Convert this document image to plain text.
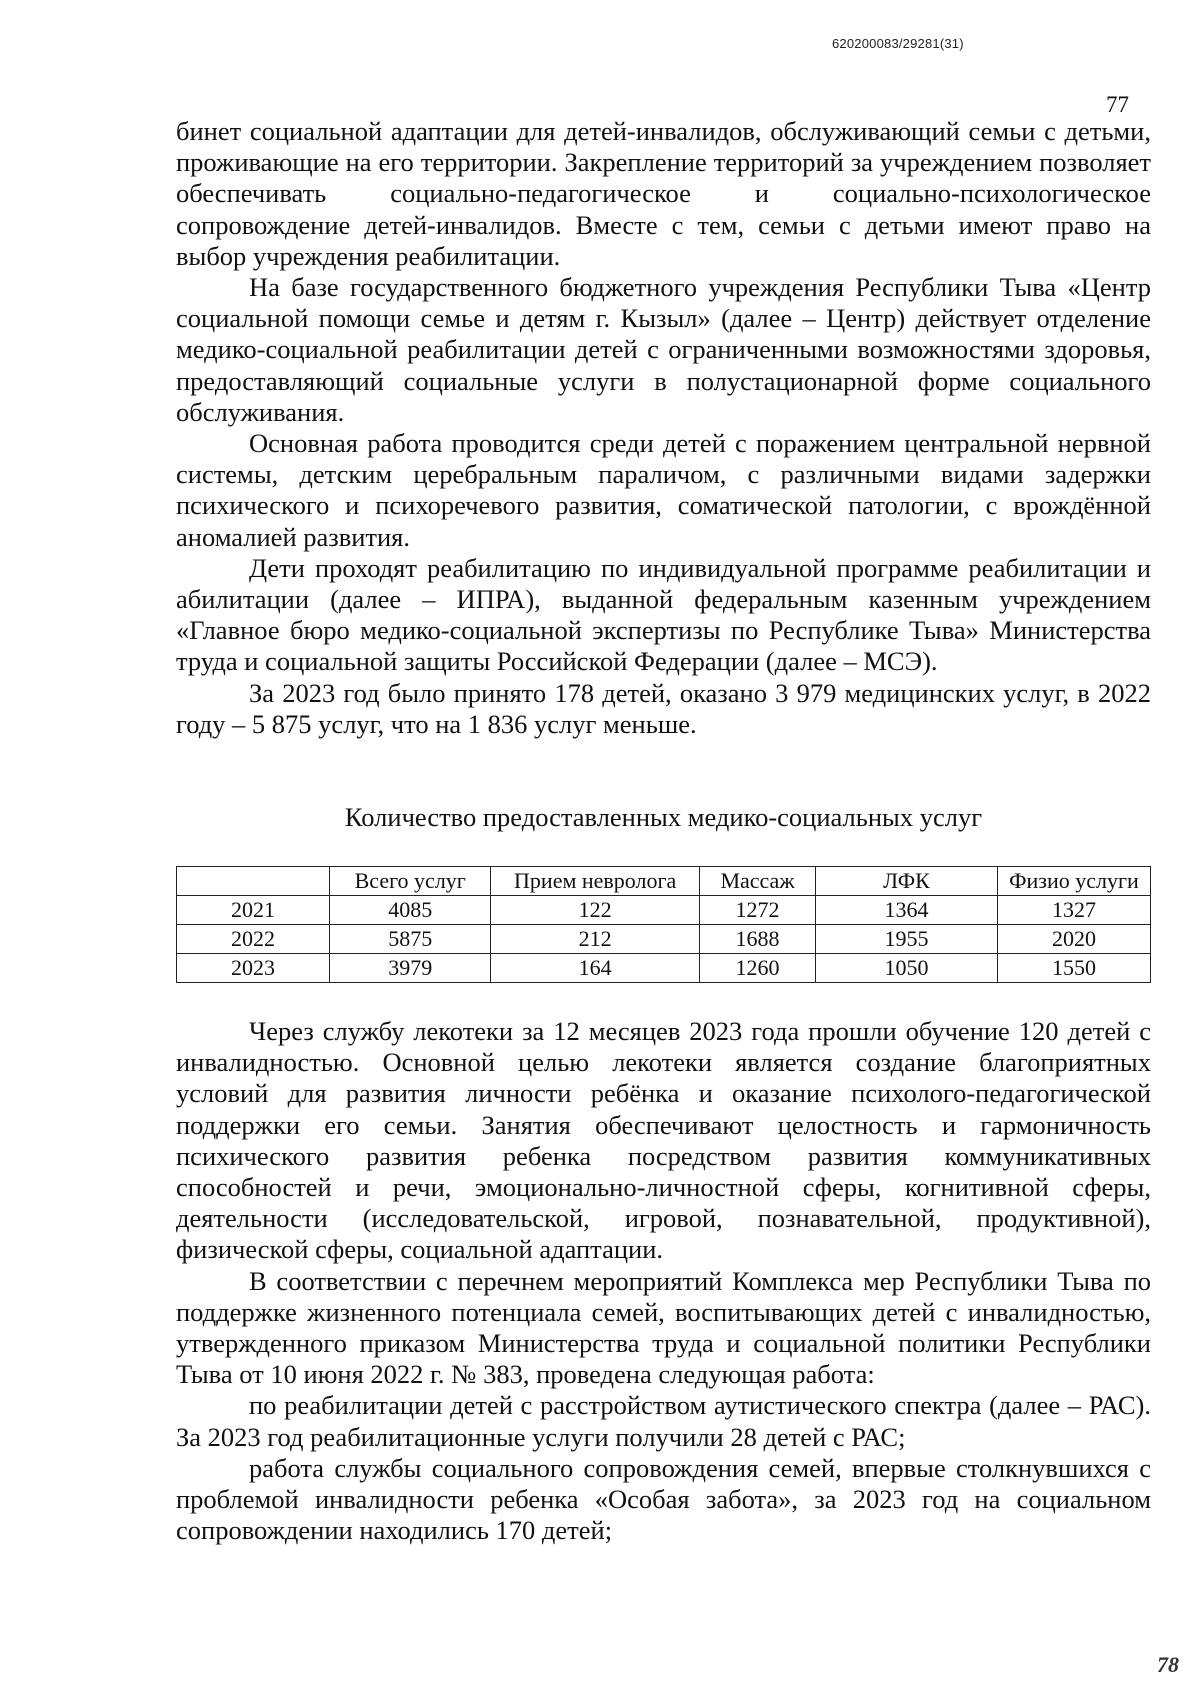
620200083/29281(31)
77

бинет социальной адаптации для детей-инвалидов, обслуживающий семьи с детьми, проживающие на его территории. Закрепление территорий за учреждением позволяет обеспечивать социально-педагогическое и социально-психологическое сопровождение детей-инвалидов. Вместе с тем, семьи с детьми имеют право на выбор учреждения реабилитации.

На базе государственного бюджетного учреждения Республики Тыва «Центр социальной помощи семье и детям г. Кызыл» (далее – Центр) действует отделение медико-социальной реабилитации детей с ограниченными возможностями здоровья, предоставляющий социальные услуги в полустационарной форме социального обслуживания.

Основная работа проводится среди детей с поражением центральной нервной системы, детским церебральным параличом, с различными видами задержки психического и психоречевого развития, соматической патологии, с врождённой аномалией развития.

Дети проходят реабилитацию по индивидуальной программе реабилитации и абилитации (далее – ИПРА), выданной федеральным казенным учреждением «Главное бюро медико-социальной экспертизы по Республике Тыва» Министерства труда и социальной защиты Российской Федерации (далее – МСЭ).

За 2023 год было принято 178 детей, оказано 3 979 медицинских услуг, в 2022 году – 5 875 услуг, что на 1 836 услуг меньше.

Количество предоставленных медико-социальных услуг
	Всего услуг	Прием невролога	Массаж	ЛФК	Физио услуги
2021	4085	122	1272	1364	1327
2022	5875	212	1688	1955	2020
2023	3979	164	1260	1050	1550

Через службу лекотеки за 12 месяцев 2023 года прошли обучение 120 детей с инвалидностью. Основной целью лекотеки является создание благоприятных условий для развития личности ребёнка и оказание психолого-педагогической поддержки его семьи. Занятия обеспечивают целостность и гармоничность психического развития ребенка посредством развития коммуникативных способностей и речи, эмоционально-личностной сферы, когнитивной сферы, деятельности (исследовательской, игровой, познавательной, продуктивной), физической сферы, социальной адаптации.

В соответствии с перечнем мероприятий Комплекса мер Республики Тыва по поддержке жизненного потенциала семей, воспитывающих детей с инвалидностью, утвержденного приказом Министерства труда и социальной политики Республики Тыва от 10 июня 2022 г. № 383, проведена следующая работа:

по реабилитации детей с расстройством аутистического спектра (далее – РАС). За 2023 год реабилитационные услуги получили 28 детей с РАС;

работа службы социального сопровождения семей, впервые столкнувшихся с проблемой инвалидности ребенка «Особая забота», за 2023 год на социальном сопровождении находились 170 детей;

78
